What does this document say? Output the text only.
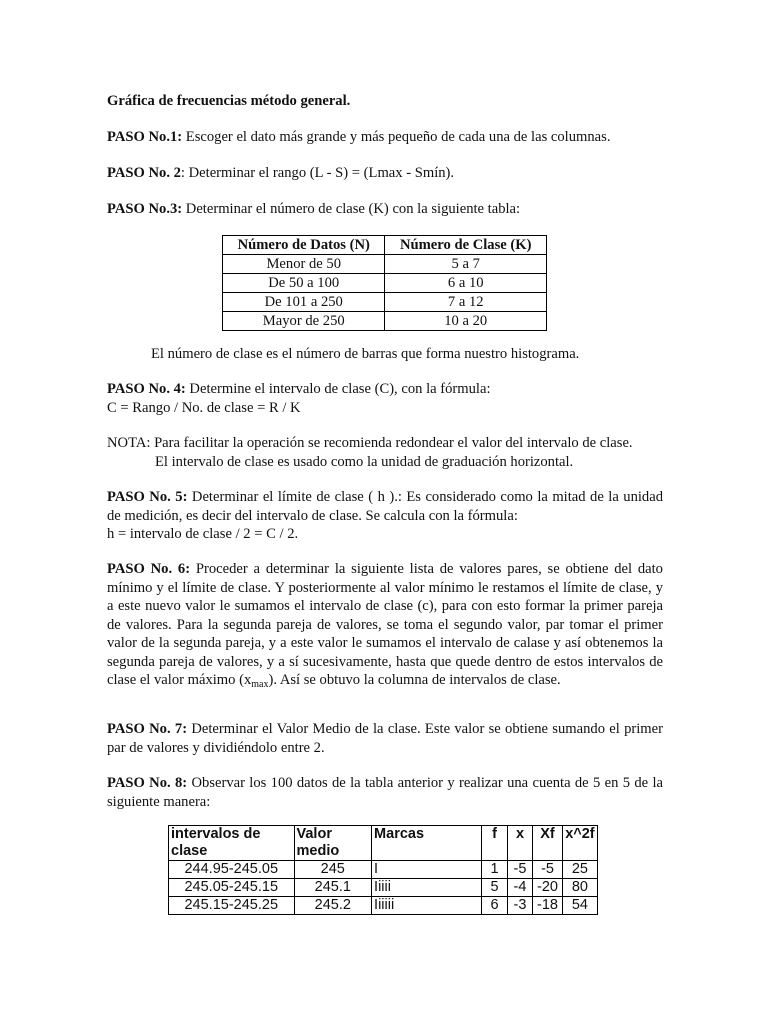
Gráfica de frecuencias método general.

PASO No.1: Escoger el dato más grande y más pequeño de cada una de las columnas.

PASO No. 2: Determinar el rango (L - S) = (Lmax - Smín).

PASO No.3: Determinar el número de clase (K) con la siguiente tabla:

Número de Datos (N)	Número de Clase (K)
Menor de 50	5 a 7
De 50 a 100	6 a 10
De 101 a 250	7 a 12
Mayor de 250	10 a 20

El número de clase es el número de barras que forma nuestro histograma.

PASO No. 4: Determine el intervalo de clase (C), con la fórmula:

C = Rango / No. de clase = R / K

NOTA: Para facilitar la operación se recomienda redondear el valor del intervalo de clase.

El intervalo de clase es usado como la unidad de graduación horizontal.

PASO No. 5: Determinar el límite de clase ( h ).: Es considerado como la mitad de la unidad de medición, es decir del intervalo de clase. Se calcula con la fórmula:

h = intervalo de clase / 2 = C / 2.

PASO No. 6: Proceder a determinar la siguiente lista de valores pares, se obtiene del dato mínimo y el límite de clase. Y posteriormente al valor mínimo le restamos el límite de clase, y a este nuevo valor le sumamos el intervalo de clase (c), para con esto formar la primer pareja de valores. Para la segunda pareja de valores, se toma el segundo valor, par tomar el primer valor de la segunda pareja, y a este valor le sumamos el intervalo de calase y así obtenemos la segunda pareja de valores, y a sí sucesivamente, hasta que quede dentro de estos intervalos de clase el valor máximo $(x_{max})$. Así se obtuvo la columna de intervalos de clase.

PASO No. 7: Determinar el Valor Medio de la clase. Este valor se obtiene sumando el primer par de valores y dividiéndolo entre 2.

PASO No. 8: Observar los 100 datos de la tabla anterior y realizar una cuenta de 5 en 5 de la siguiente manera:

intervalos de clase	Valor medio	Marcas	f	x	Xf	x^2f
244.95-245.05	245	I	1	-5	-5	25
245.05-245.15	245.1	Iiiii	5	-4	-20	80
245.15-245.25	245.2	Iiiiii	6	-3	-18	54
